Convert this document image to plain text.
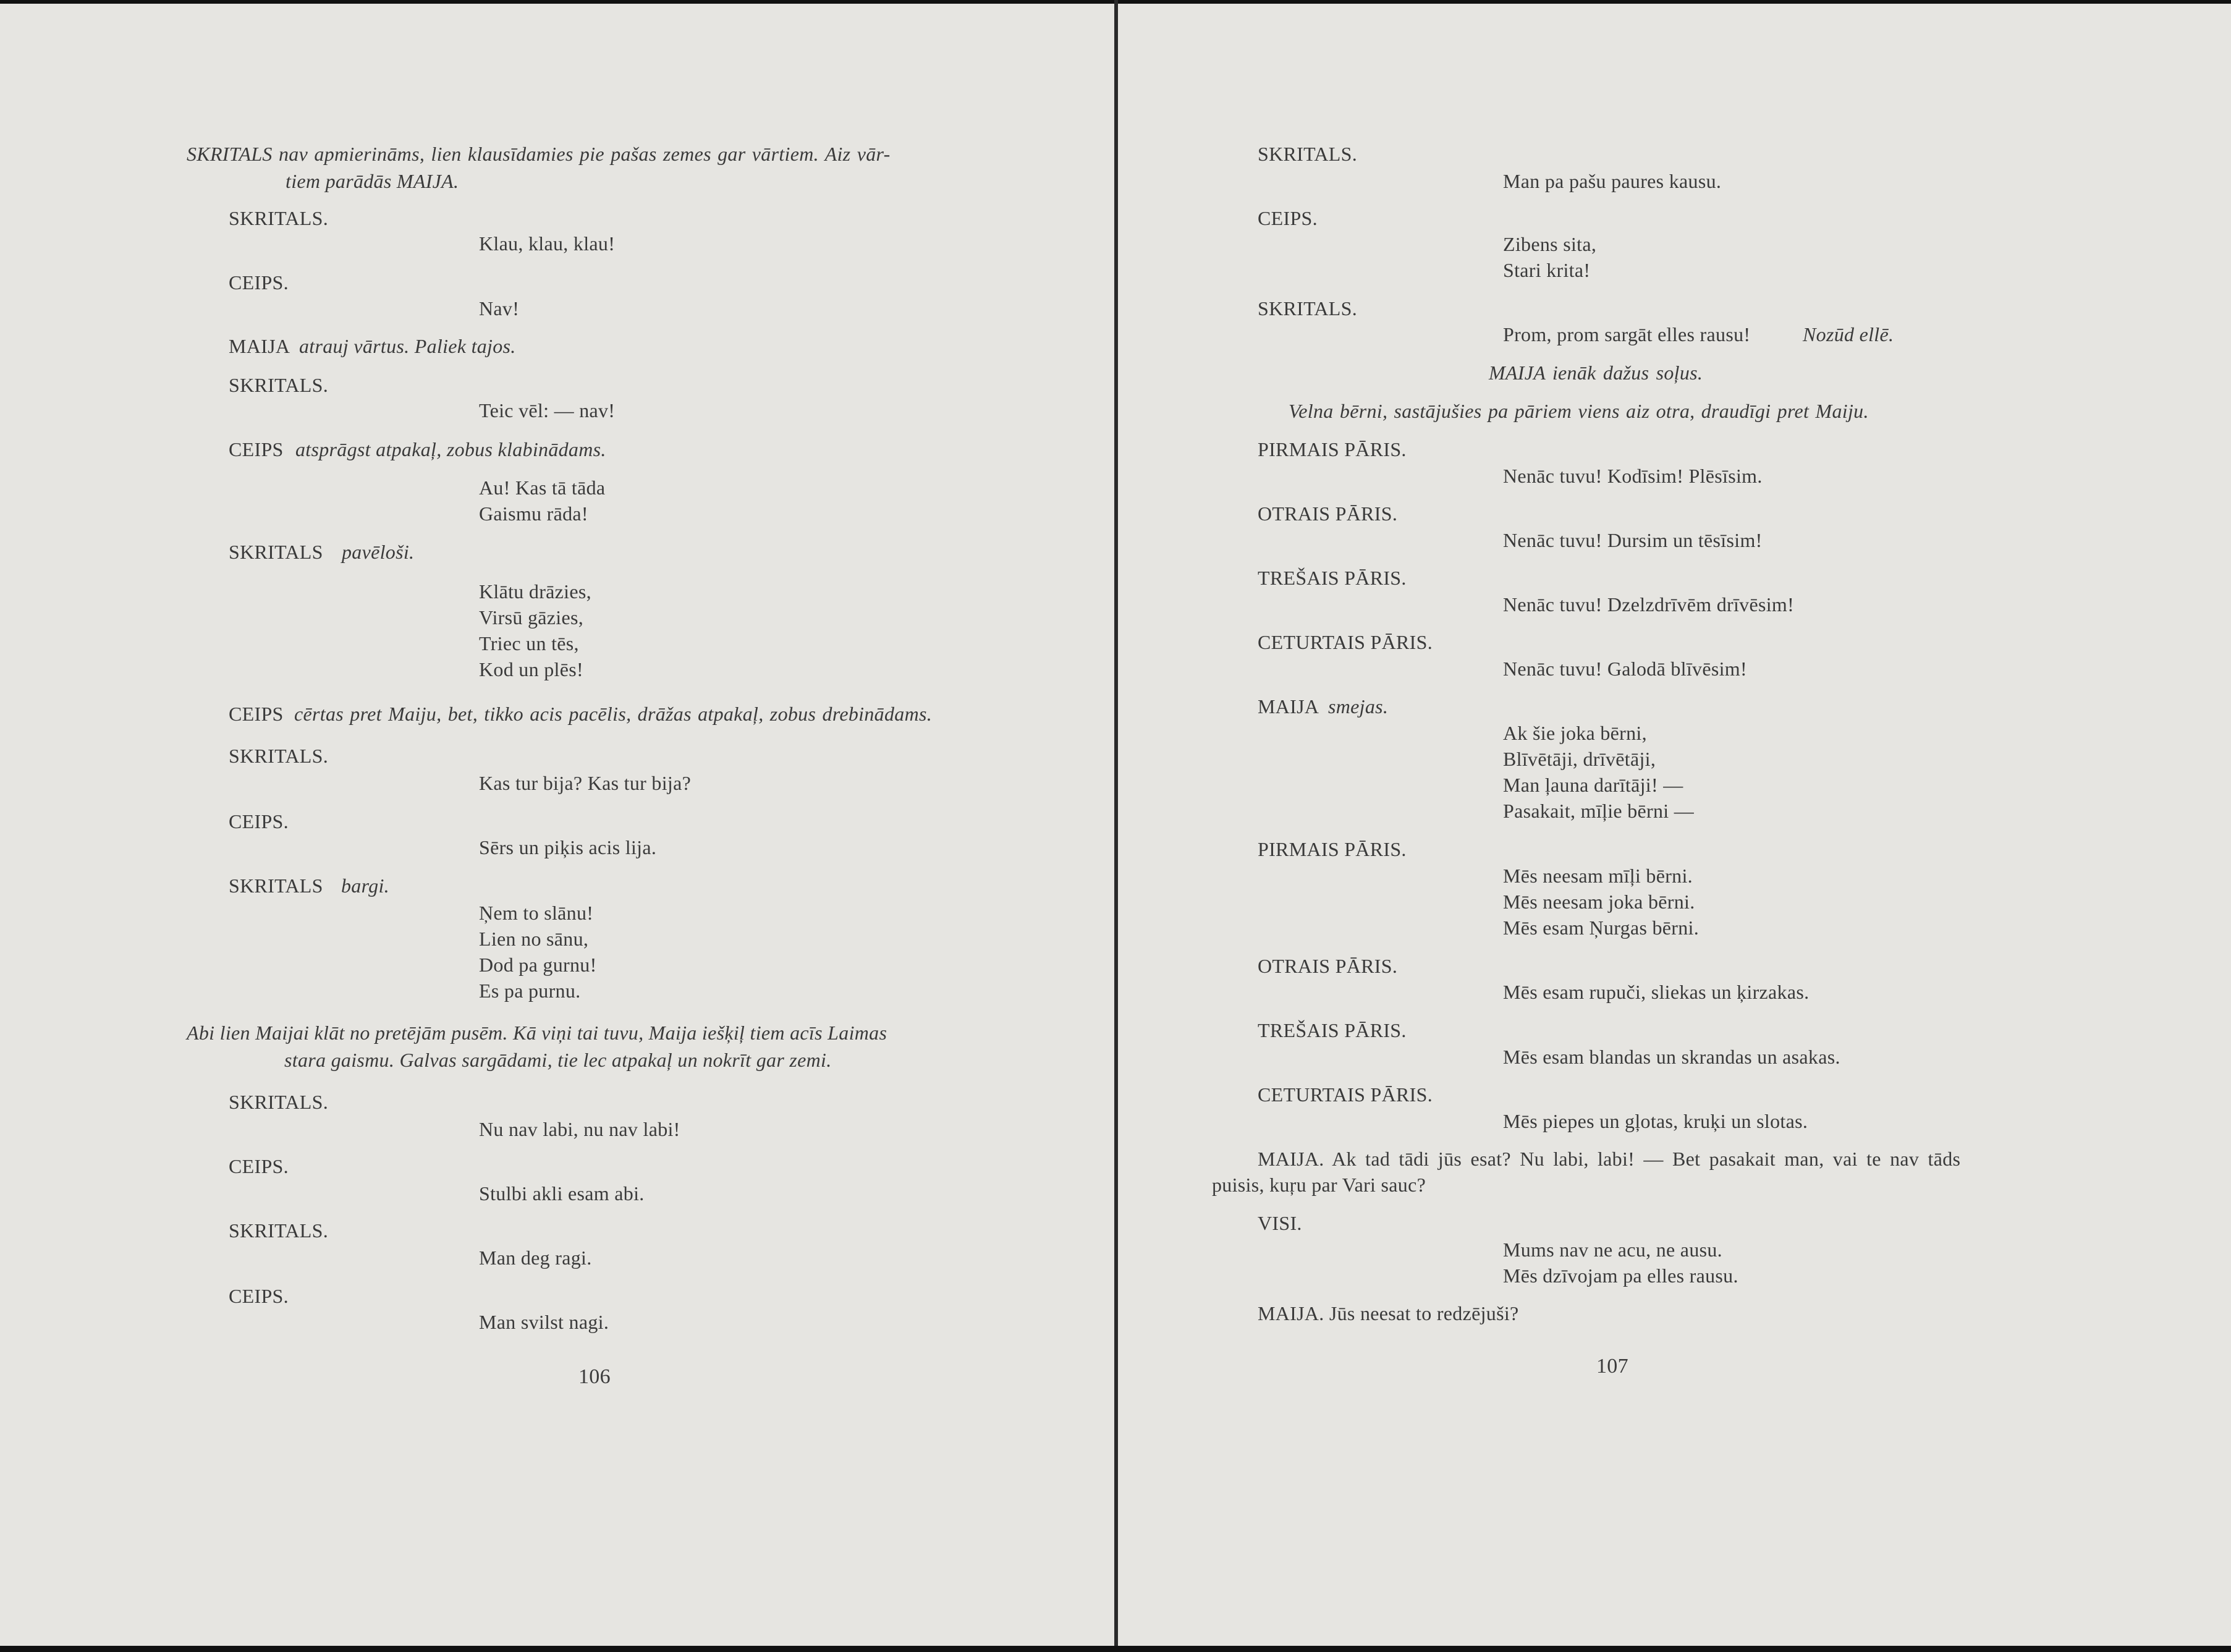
SKRITALS nav apmierināms, lien klausīdamies pie pašas zemes gar vārtiem. Aiz vār-
tiem parādās MAIJA.
SKRITALS.
Klau, klau, klau!
CEIPS.
Nav!
MAIJA atrauj vārtus. Paliek tajos.
SKRITALS.
Teic vēl: — nav!
CEIPS atsprāgst atpakaļ, zobus klabinādams.
Au! Kas tā tāda
Gaismu rāda!
SKRITALS pavēloši.
Klātu drāzies,
Virsū gāzies,
Triec un tēs,
Kod un plēs!
CEIPS cērtas pret Maiju, bet, tikko acis pacēlis, drāžas atpakaļ, zobus drebinādams.
SKRITALS.
Kas tur bija? Kas tur bija?
CEIPS.
Sērs un piķis acis lija.
SKRITALS bargi.
Ņem to slānu!
Lien no sānu,
Dod pa gurnu!
Es pa purnu.
Abi lien Maijai klāt no pretējām pusēm. Kā viņi tai tuvu, Maija iešķiļ tiem acīs Laimas
stara gaismu. Galvas sargādami, tie lec atpakaļ un nokrīt gar zemi.
SKRITALS.
Nu nav labi, nu nav labi!
CEIPS.
Stulbi akli esam abi.
SKRITALS.
Man deg ragi.
CEIPS.
Man svilst nagi.
106
SKRITALS.
Man pa pašu paures kausu.
CEIPS.
Zibens sita,
Stari krita!
SKRITALS.
Prom, prom sargāt elles rausu!	Nozūd ellē.
MAIJA ienāk dažus soļus.
Velna bērni, sastājušies pa pāriem viens aiz otra, draudīgi pret Maiju.
PIRMAIS PĀRIS.
Nenāc tuvu! Kodīsim! Plēsīsim.
OTRAIS PĀRIS.
Nenāc tuvu! Dursim un tēsīsim!
TREŠAIS PĀRIS.
Nenāc tuvu! Dzelzdrīvēm drīvēsim!
CETURTAIS PĀRIS.
Nenāc tuvu! Galodā blīvēsim!
MAIJA smejas.
Ak šie joka bērni,
Blīvētāji, drīvētāji,
Man ļauna darītāji! —
Pasakait, mīļie bērni —
PIRMAIS PĀRIS.
Mēs neesam mīļi bērni.
Mēs neesam joka bērni.
Mēs esam Ņurgas bērni.
OTRAIS PĀRIS.
Mēs esam rupuči, sliekas un ķirzakas.
TREŠAIS PĀRIS.
Mēs esam blandas un skrandas un asakas.
CETURTAIS PĀRIS.
Mēs piepes un gļotas, kruķi un slotas.
MAIJA. Ak tad tādi jūs esat? Nu labi, labi! — Bet pasakait man, vai te nav tāds
puisis, kuŗu par Vari sauc?
VISI.
Mums nav ne acu, ne ausu.
Mēs dzīvojam pa elles rausu.
MAIJA. Jūs neesat to redzējuši?
107
